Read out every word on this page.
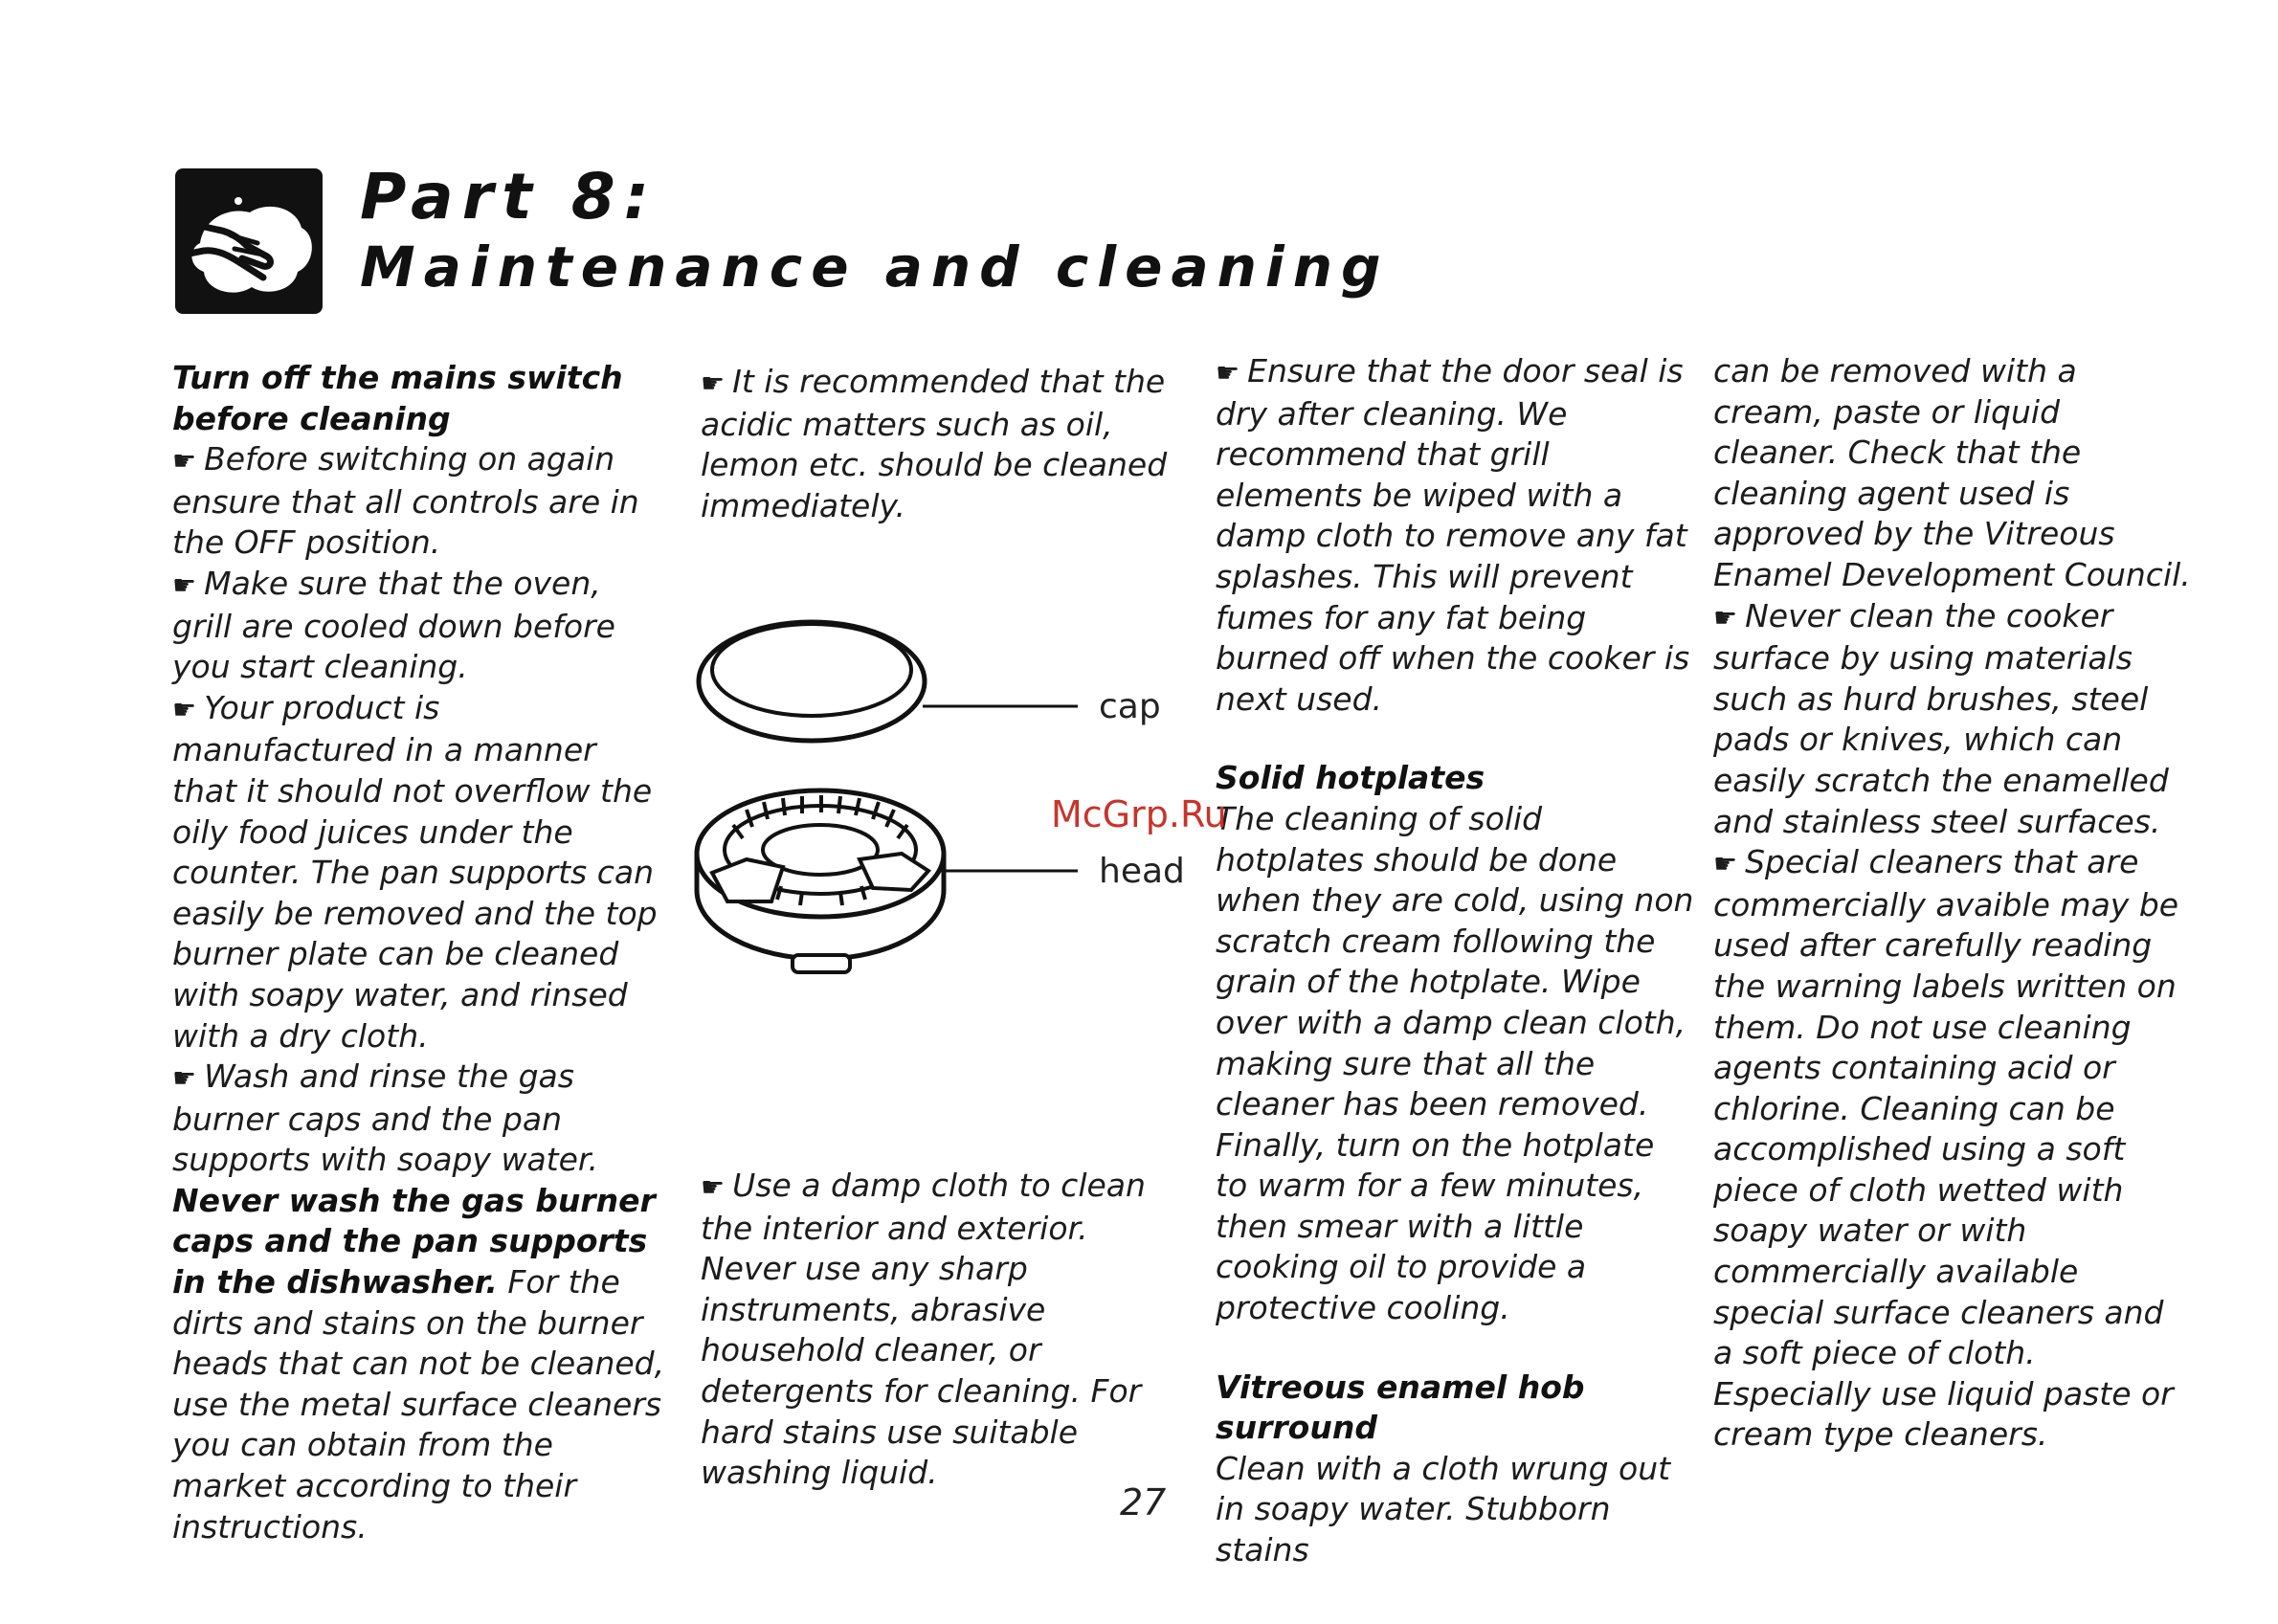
Part 8:
Maintenance and cleaning

Turn off the mains switch
before cleaning

☛ Before switching on again ensure that all controls are in the OFF position.

☛ Make sure that the oven, grill are cooled down before you start cleaning.

☛ Your product is manufactured in a manner that it should not overflow the oily food juices under the counter. The pan supports can easily be removed and the top burner plate can be cleaned with soapy water, and rinsed with a dry cloth.

☛ Wash and rinse the gas burner caps and the pan supports with soapy water. Never wash the gas burner caps and the pan supports in the dishwasher. For the dirts and stains on the burner heads that can not be cleaned, use the metal surface cleaners you can obtain from the market according to their instructions.

☛ It is recommended that the acidic matters such as oil, lemon etc. should be cleaned immediately.

cap
head

☛ Use a damp cloth to clean the interior and exterior. Never use any sharp instruments, abrasive household cleaner, or detergents for cleaning. For hard stains use suitable washing liquid.

☛ Ensure that the door seal is dry after cleaning. We recommend that grill elements be wiped with a damp cloth to remove any fat splashes. This will prevent fumes for any fat being burned off when the cooker is next used.

Solid hotplates

The cleaning of solid hotplates should be done when they are cold, using non scratch cream following the grain of the hotplate. Wipe over with a damp clean cloth, making sure that all the cleaner has been removed. Finally, turn on the hotplate to warm for a few minutes, then smear with a little cooking oil to provide a protective cooling.

Vitreous enamel hob surround

Clean with a cloth wrung out in soapy water. Stubborn stains

can be removed with a cream, paste or liquid cleaner. Check that the cleaning agent used is approved by the Vitreous Enamel Development Council.

☛ Never clean the cooker surface by using materials such as hurd brushes, steel pads or knives, which can easily scratch the enamelled and stainless steel surfaces.

☛ Special cleaners that are commercially avaible may be used after carefully reading the warning labels written on them. Do not use cleaning agents containing acid or chlorine. Cleaning can be accomplished using a soft piece of cloth wetted with soapy water or with commercially available special surface cleaners and a soft piece of cloth. Especially use liquid paste or cream type cleaners.

McGrp.Ru
27
